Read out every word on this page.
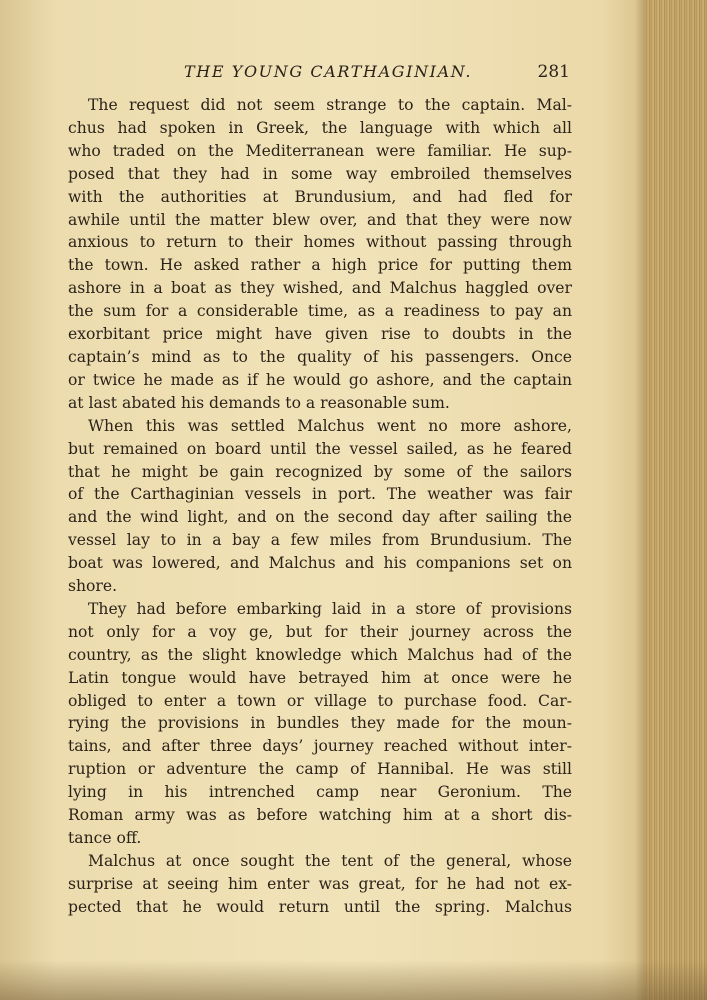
THE YOUNG CARTHAGINIAN.	281
The request did not seem strange to the captain. Mal-
chus had spoken in Greek, the language with which all
who traded on the Mediterranean were familiar. He sup-
posed that they had in some way embroiled themselves
with the authorities at Brundusium, and had fled for
awhile until the matter blew over, and that they were now
anxious to return to their homes without passing through
the town. He asked rather a high price for putting them
ashore in a boat as they wished, and Malchus haggled over
the sum for a considerable time, as a readiness to pay an
exorbitant price might have given rise to doubts in the
captain’s mind as to the quality of his passengers. Once
or twice he made as if he would go ashore, and the captain
at last abated his demands to a reasonable sum.
When this was settled Malchus went no more ashore,
but remained on board until the vessel sailed, as he feared
that he might be gain recognized by some of the sailors
of the Carthaginian vessels in port. The weather was fair
and the wind light, and on the second day after sailing the
vessel lay to in a bay a few miles from Brundusium. The
boat was lowered, and Malchus and his companions set on
shore.
They had before embarking laid in a store of provisions
not only for a voy ge, but for their journey across the
country, as the slight knowledge which Malchus had of the
Latin tongue would have betrayed him at once were he
obliged to enter a town or village to purchase food. Car-
rying the provisions in bundles they made for the moun-
tains, and after three days’ journey reached without inter-
ruption or adventure the camp of Hannibal. He was still
lying in his intrenched camp near Geronium. The
Roman army was as before watching him at a short dis-
tance off.
Malchus at once sought the tent of the general, whose
surprise at seeing him enter was great, for he had not ex-
pected that he would return until the spring. Malchus
